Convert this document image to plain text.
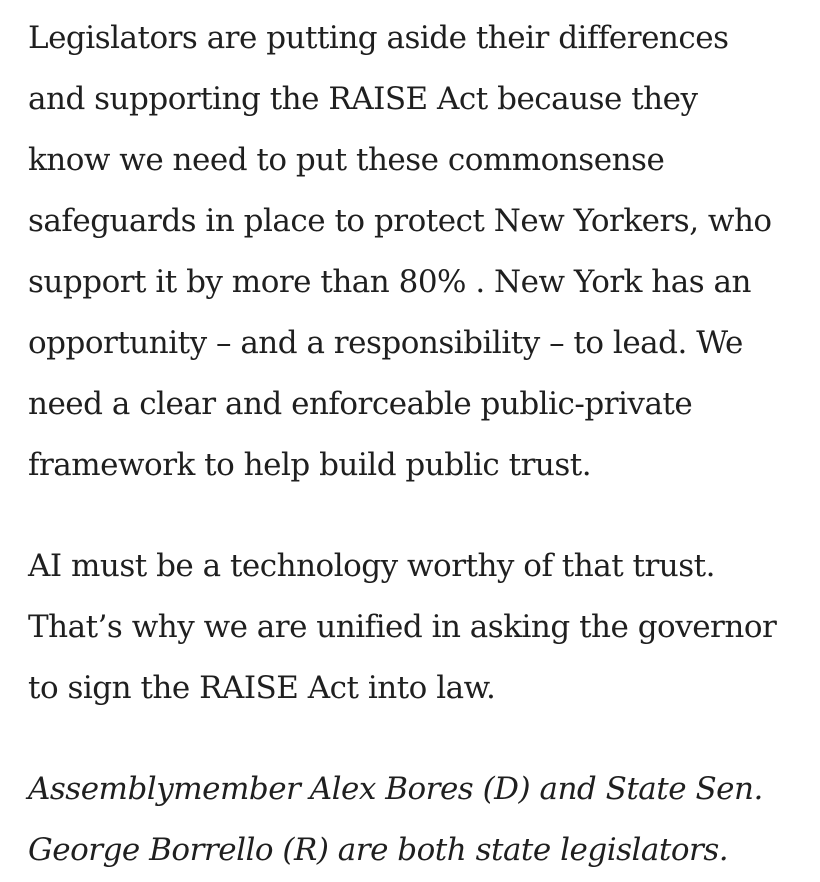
Legislators are putting aside their differences
and supporting the RAISE Act because they
know we need to put these commonsense
safeguards in place to protect New Yorkers, who
support it by more than 80% . New York has an
opportunity – and a responsibility – to lead. We
need a clear and enforceable public-private
framework to help build public trust.

AI must be a technology worthy of that trust.
That’s why we are unified in asking the governor
to sign the RAISE Act into law.

Assemblymember Alex Bores (D) and State Sen.
George Borrello (R) are both state legislators.
